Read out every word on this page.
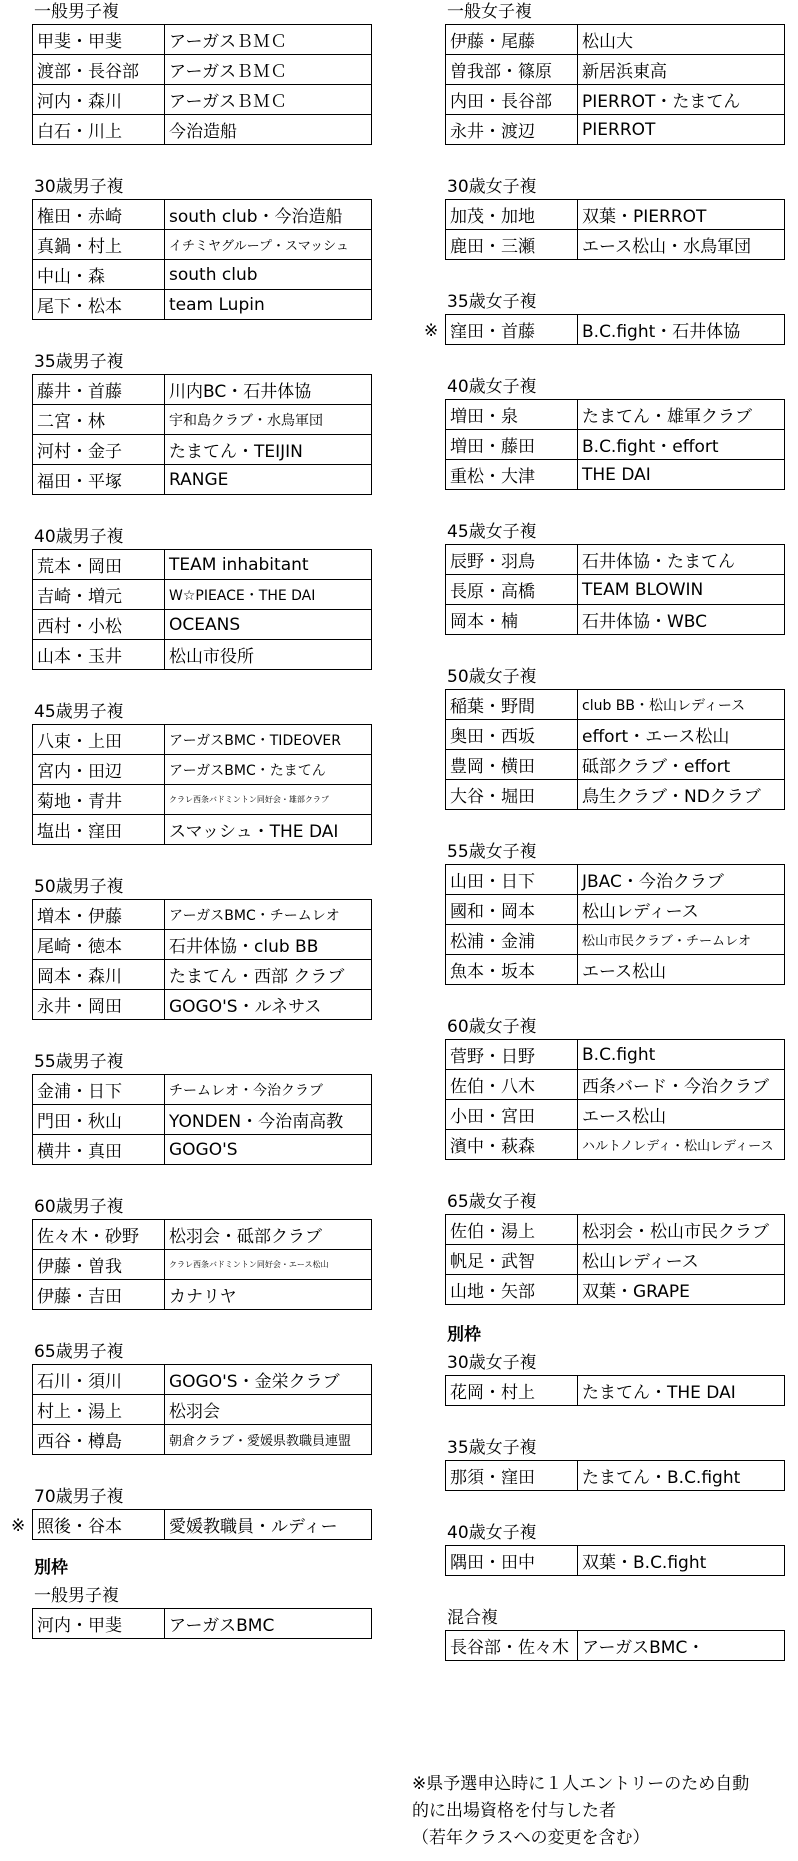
一般男子複
甲斐・甲斐	アーガスＢＭＣ
渡部・長谷部	アーガスＢＭＣ
河内・森川	アーガスＢＭＣ
白石・川上	今治造船
30歳男子複
権田・赤崎	south club・今治造船
真鍋・村上	イチミヤグループ・スマッシュ
中山・森	south club
尾下・松本	team Lupin
35歳男子複
藤井・首藤	川内BC・石井体協
二宮・林	宇和島クラブ・水鳥軍団
河村・金子	たまてん・TEIJIN
福田・平塚	RANGE
40歳男子複
荒本・岡田	TEAM inhabitant
吉崎・増元	W☆PIEACE・THE DAI
西村・小松	OCEANS
山本・玉井	松山市役所
45歳男子複
八束・上田	アーガスBMC・TIDEOVER
宮内・田辺	アーガスBMC・たまてん
菊地・青井	クラレ西条バドミントン同好会・雄部クラブ
塩出・窪田	スマッシュ・THE DAI
50歳男子複
増本・伊藤	アーガスBMC・チームレオ
尾崎・徳本	石井体協・club BB
岡本・森川	たまてん・西部 クラブ
永井・岡田	GOGO'S・ルネサス
55歳男子複
金浦・日下	チームレオ・今治クラブ
門田・秋山	YONDEN・今治南高教
横井・真田	GOGO'S
60歳男子複
佐々木・砂野	松羽会・砥部クラブ
伊藤・曽我	クラレ西条バドミントン同好会・エース松山
伊藤・吉田	カナリヤ
65歳男子複
石川・須川	GOGO'S・金栄クラブ
村上・湯上	松羽会
西谷・樽島	朝倉クラブ・愛媛県教職員連盟
70歳男子複
※ 照後・谷本	愛媛教職員・ルディー
別枠
一般男子複
河内・甲斐	アーガスBMC
一般女子複
伊藤・尾藤	松山大
曽我部・篠原	新居浜東高
内田・長谷部	PIERROT・たまてん
永井・渡辺	PIERROT
30歳女子複
加茂・加地	双葉・PIERROT
鹿田・三瀬	エース松山・水鳥軍団
35歳女子複
※ 窪田・首藤	B.C.fight・石井体協
40歳女子複
増田・泉	たまてん・雄軍クラブ
増田・藤田	B.C.fight・effort
重松・大津	THE DAI
45歳女子複
辰野・羽鳥	石井体協・たまてん
長原・高橋	TEAM BLOWIN
岡本・楠	石井体協・WBC
50歳女子複
稲葉・野間	club BB・松山レディース
奥田・西坂	effort・エース松山
豊岡・横田	砥部クラブ・effort
大谷・堀田	鳥生クラブ・NDクラブ
55歳女子複
山田・日下	JBAC・今治クラブ
國和・岡本	松山レディース
松浦・金浦	松山市民クラブ・チームレオ
魚本・坂本	エース松山
60歳女子複
菅野・日野	B.C.fight
佐伯・八木	西条バード・今治クラブ
小田・宮田	エース松山
濱中・萩森	ハルトノレディ・松山レディース
65歳女子複
佐伯・湯上	松羽会・松山市民クラブ
帆足・武智	松山レディース
山地・矢部	双葉・GRAPE
別枠
30歳女子複
花岡・村上	たまてん・THE DAI
35歳女子複
那須・窪田	たまてん・B.C.fight
40歳女子複
隅田・田中	双葉・B.C.fight
混合複
長谷部・佐々木	アーガスBMC・
※県予選申込時に１人エントリーのため自動
的に出場資格を付与した者
（若年クラスへの変更を含む）
